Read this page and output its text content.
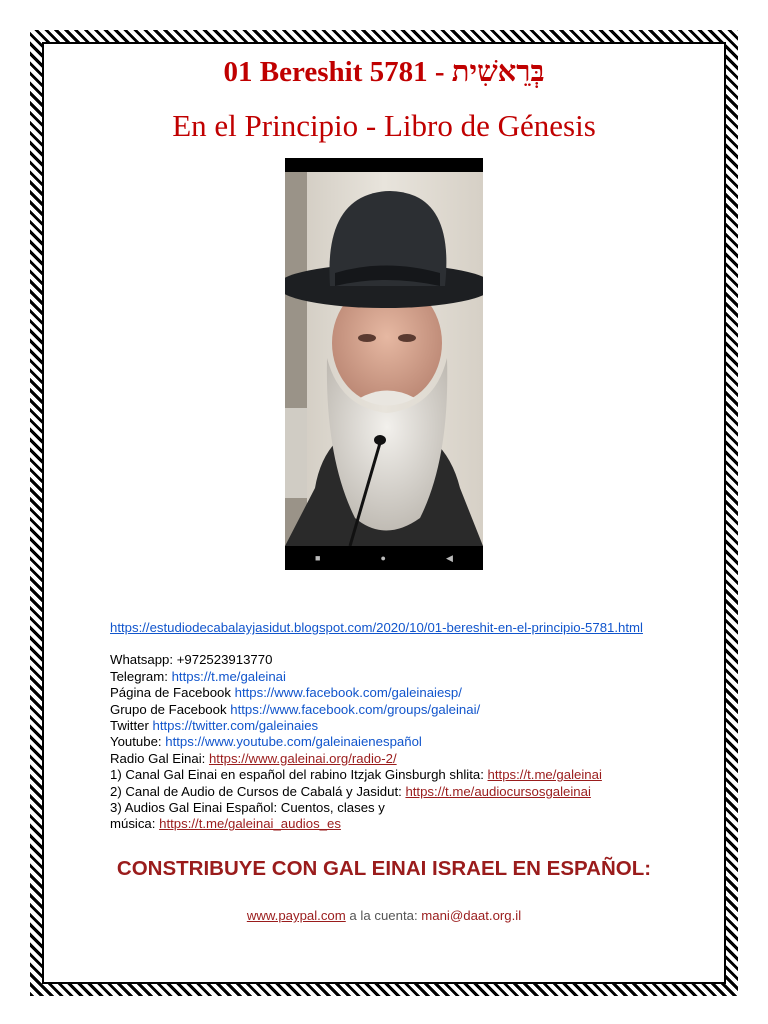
01 Bereshit 5781 - בְּרֵאשִׁית
En el Principio - Libro de Génesis
■	●	◀
https://estudiodecabalayjasidut.blogspot.com/2020/10/01-bereshit-en-el-principio-5781.html
Whatsapp: +972523913770
Telegram: https://t.me/galeinai
Página de Facebook https://www.facebook.com/galeinaiesp/
Grupo de Facebook https://www.facebook.com/groups/galeinai/
Twitter https://twitter.com/galeinaies
Youtube: https://www.youtube.com/galeinaienespañol
Radio Gal Einai: https://www.galeinai.org/radio-2/
1) Canal Gal Einai en español del rabino Itzjak Ginsburgh shlita: https://t.me/galeinai
2) Canal de Audio de Cursos de Cabalá y Jasidut: https://t.me/audiocursosgaleinai
3) Audios Gal Einai Español: Cuentos, clases y
música: https://t.me/galeinai_audios_es
CONSTRIBUYE CON GAL EINAI ISRAEL EN ESPAÑOL:
www.paypal.com a la cuenta: mani@daat.org.il
